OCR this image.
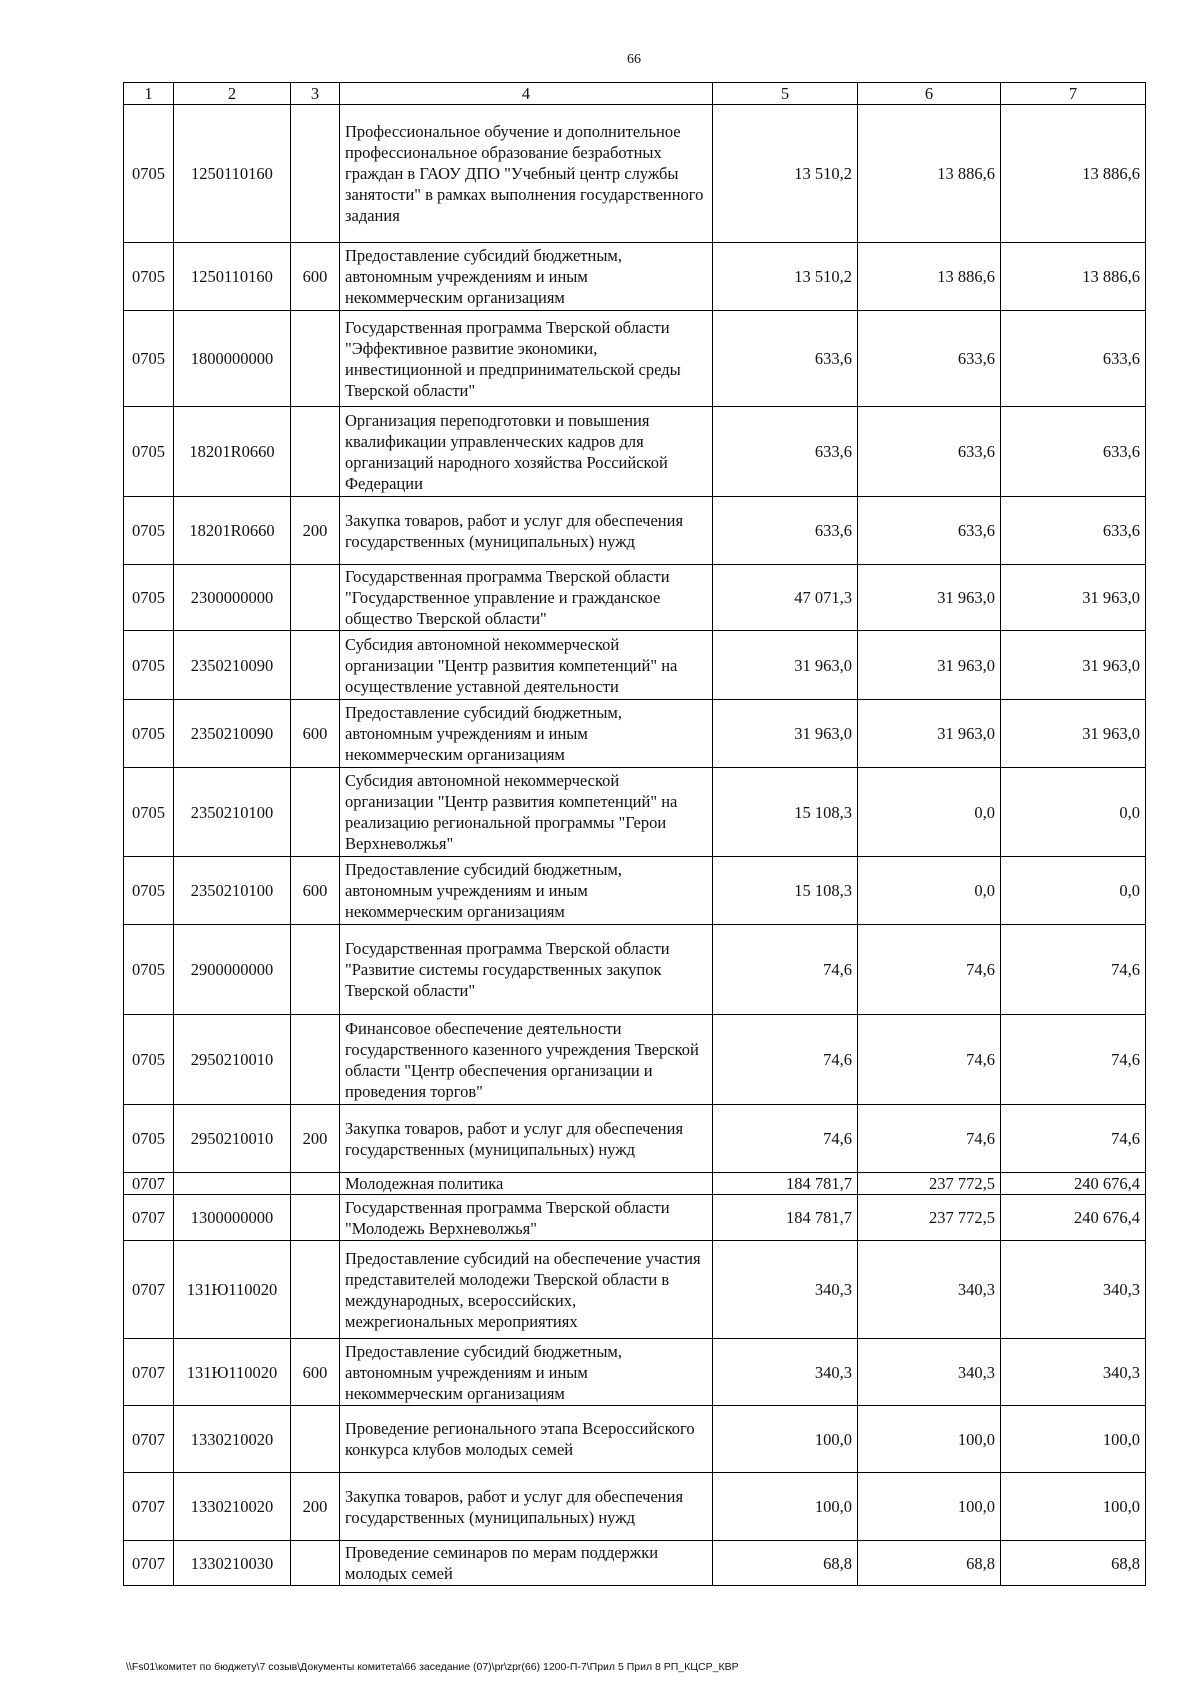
66
1	2	3	4	5	6	7
0705	1250110160		Профессиональное обучение и дополнительное профессиональное образование безработных граждан в ГАОУ ДПО "Учебный центр службы занятости" в рамках выполнения государственного задания	13 510,2	13 886,6	13 886,6
0705	1250110160	600	Предоставление субсидий бюджетным, автономным учреждениям и иным некоммерческим организациям	13 510,2	13 886,6	13 886,6
0705	1800000000		Государственная программа Тверской области "Эффективное развитие экономики, инвестиционной и предпринимательской среды Тверской области"	633,6	633,6	633,6
0705	18201R0660		Организация переподготовки и повышения квалификации управленческих кадров для организаций народного хозяйства Российской Федерации	633,6	633,6	633,6
0705	18201R0660	200	Закупка товаров, работ и услуг для обеспечения государственных (муниципальных) нужд	633,6	633,6	633,6
0705	2300000000		Государственная программа Тверской области "Государственное управление и гражданское общество Тверской области"	47 071,3	31 963,0	31 963,0
0705	2350210090		Субсидия автономной некоммерческой организации "Центр развития компетенций" на осуществление уставной деятельности	31 963,0	31 963,0	31 963,0
0705	2350210090	600	Предоставление субсидий бюджетным, автономным учреждениям и иным некоммерческим организациям	31 963,0	31 963,0	31 963,0
0705	2350210100		Субсидия автономной некоммерческой организации "Центр развития компетенций" на реализацию региональной программы "Герои Верхневолжья"	15 108,3	0,0	0,0
0705	2350210100	600	Предоставление субсидий бюджетным, автономным учреждениям и иным некоммерческим организациям	15 108,3	0,0	0,0
0705	2900000000		Государственная программа Тверской области "Развитие системы государственных закупок Тверской области"	74,6	74,6	74,6
0705	2950210010		Финансовое обеспечение деятельности государственного казенного учреждения Тверской области "Центр обеспечения организации и проведения торгов"	74,6	74,6	74,6
0705	2950210010	200	Закупка товаров, работ и услуг для обеспечения государственных (муниципальных) нужд	74,6	74,6	74,6
0707			Молодежная политика	184 781,7	237 772,5	240 676,4
0707	1300000000		Государственная программа Тверской области "Молодежь Верхневолжья"	184 781,7	237 772,5	240 676,4
0707	131Ю110020		Предоставление субсидий на обеспечение участия представителей молодежи Тверской области в международных, всероссийских, межрегиональных мероприятиях	340,3	340,3	340,3
0707	131Ю110020	600	Предоставление субсидий бюджетным, автономным учреждениям и иным некоммерческим организациям	340,3	340,3	340,3
0707	1330210020		Проведение регионального этапа Всероссийского конкурса клубов молодых семей	100,0	100,0	100,0
0707	1330210020	200	Закупка товаров, работ и услуг для обеспечения государственных (муниципальных) нужд	100,0	100,0	100,0
0707	1330210030		Проведение семинаров по мерам поддержки молодых семей	68,8	68,8	68,8
\\Fs01\комитет по бюджету\7 созыв\Документы комитета\66 заседание (07)\pr\zpr(66) 1200-П-7\Прил 5 Прил 8 РП_КЦСР_КВР
